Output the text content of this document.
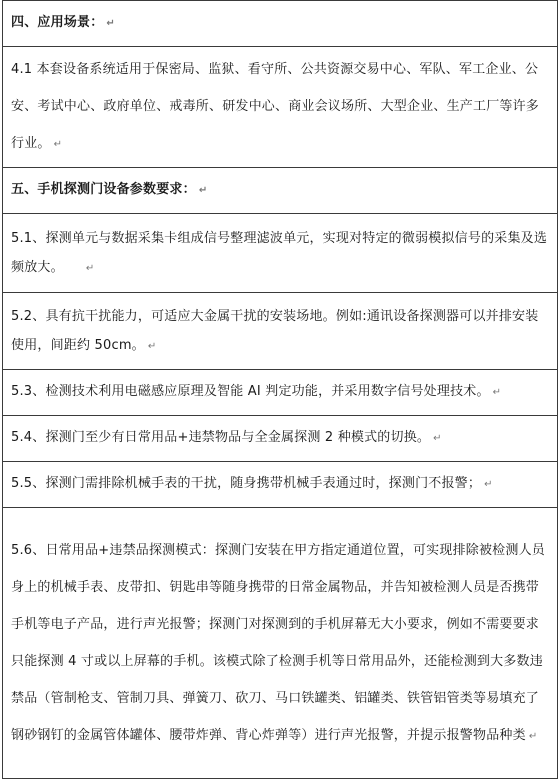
四、应用场景： ↵
4.1 本套设备系统适用于保密局、监狱、看守所、公共资源交易中心、军队、军工企业、公安、考试中心、政府单位、戒毒所、研发中心、商业会议场所、大型企业、生产工厂等许多行业。 ↵
五、手机探测门设备参数要求： ↵
5.1、探测单元与数据采集卡组成信号整理滤波单元，实现对特定的微弱模拟信号的采集及选频放大。 ↵
5.2、具有抗干扰能力，可适应大金属干扰的安装场地。例如:通讯设备探测器可以并排安装使用，间距约 50cm。 ↵
5.3、检测技术利用电磁感应原理及智能 AI 判定功能，并采用数字信号处理技术。 ↵
5.4、探测门至少有日常用品+违禁物品与全金属探测 2 种模式的切换。 ↵
5.5、探测门需排除机械手表的干扰，随身携带机械手表通过时，探测门不报警； ↵
5.6、日常用品+违禁品探测模式：探测门安装在甲方指定通道位置，可实现排除被检测人员身上的机械手表、皮带扣、钥匙串等随身携带的日常金属物品，并告知被检测人员是否携带手机等电子产品，进行声光报警；探测门对探测到的手机屏幕无大小要求，例如不需要要求只能探测 4 寸或以上屏幕的手机。该模式除了检测手机等日常用品外，还能检测到大多数违禁品（管制枪支、管制刀具、弹簧刀、砍刀、马口铁罐类、铝罐类、铁管铝管类等易填充了钢砂钢钉的金属管体罐体、腰带炸弹、背心炸弹等）进行声光报警，并提示报警物品种类 ↵
